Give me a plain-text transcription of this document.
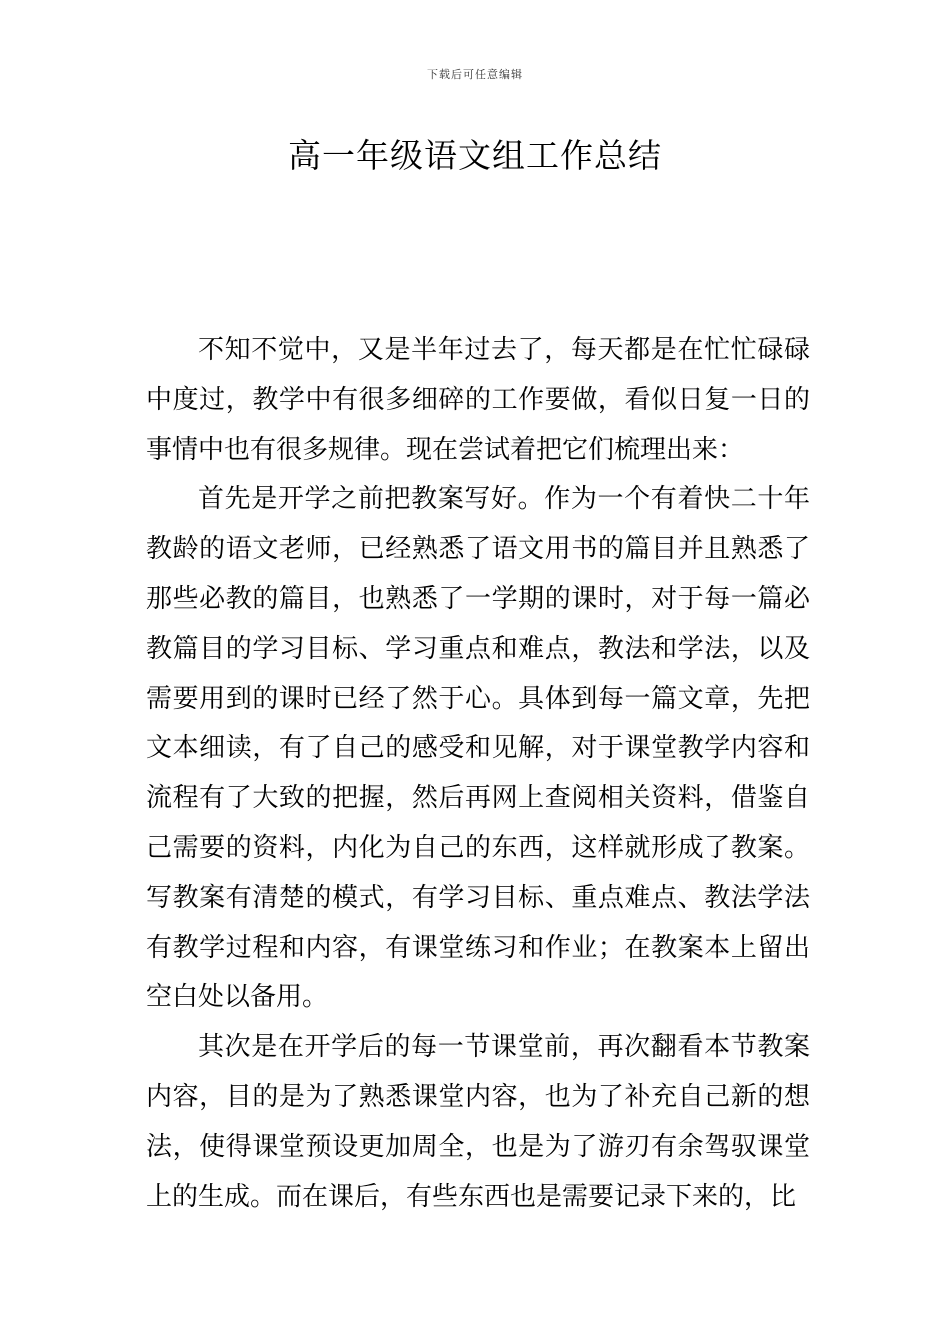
下载后可任意编辑
高一年级语文组工作总结

不知不觉中，又是半年过去了，每天都是在忙忙碌碌中度过，教学中有很多细碎的工作要做，看似日复一日的事情中也有很多规律。现在尝试着把它们梳理出来：

首先是开学之前把教案写好。作为一个有着快二十年教龄的语文老师，已经熟悉了语文用书的篇目并且熟悉了那些必教的篇目，也熟悉了一学期的课时，对于每一篇必教篇目的学习目标、学习重点和难点，教法和学法，以及需要用到的课时已经了然于心。具体到每一篇文章，先把文本细读，有了自己的感受和见解，对于课堂教学内容和流程有了大致的把握，然后再网上查阅相关资料，借鉴自己需要的资料，内化为自己的东西，这样就形成了教案。写教案有清楚的模式，有学习目标、重点难点、教法学法有教学过程和内容，有课堂练习和作业；在教案本上留出空白处以备用。

其次是在开学后的每一节课堂前，再次翻看本节教案内容，目的是为了熟悉课堂内容，也为了补充自己新的想法，使得课堂预设更加周全，也是为了游刃有余驾驭课堂上的生成。而在课后，有些东西也是需要记录下来的，比
